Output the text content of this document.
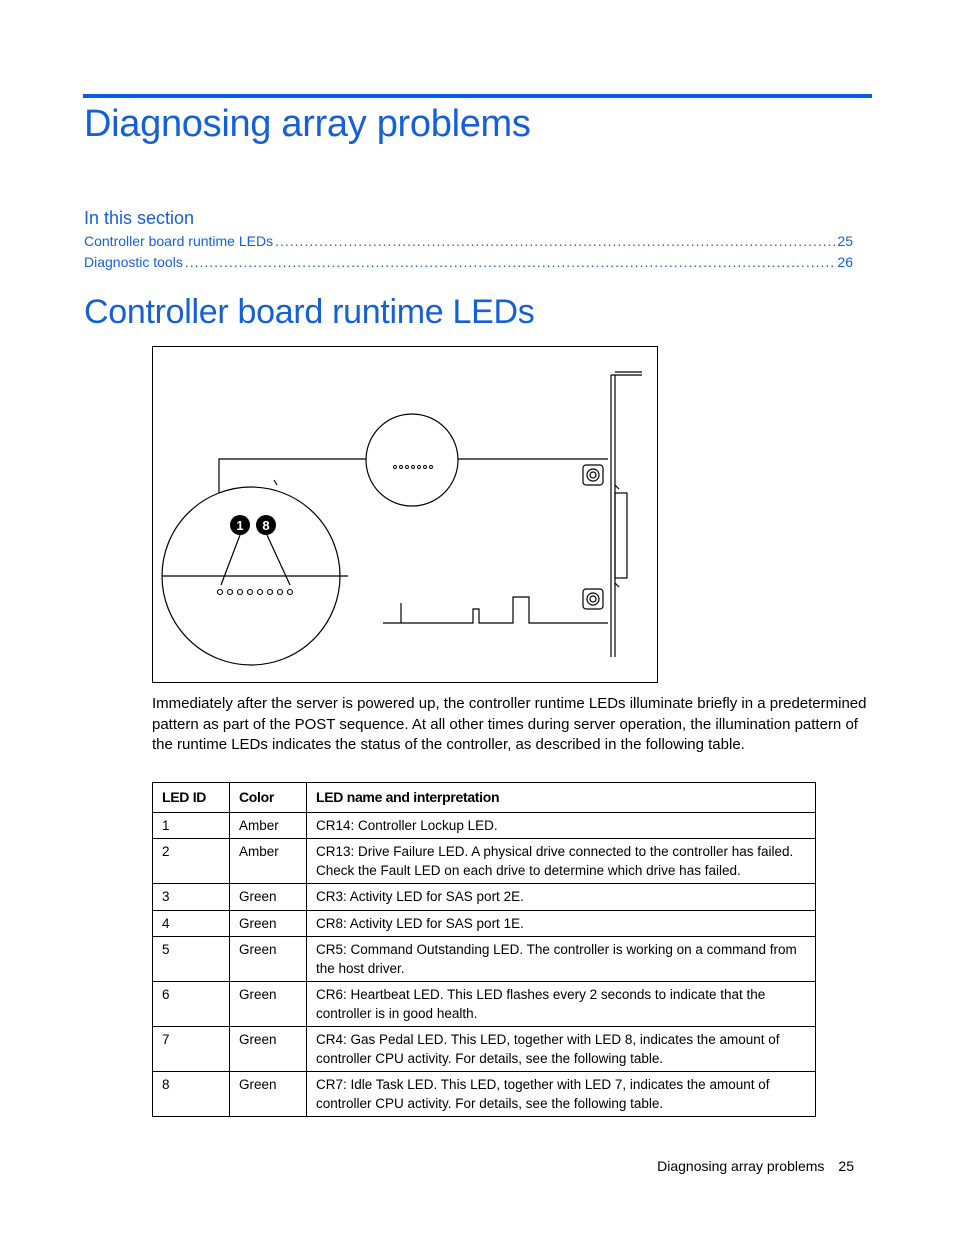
Diagnosing array problems
In this section
Controller board runtime LEDs .....	25
Diagnostic tools .....	26
Controller board runtime LEDs
1 8

Immediately after the server is powered up, the controller runtime LEDs illuminate briefly in a predetermined pattern as part of the POST sequence. At all other times during server operation, the illumination pattern of the runtime LEDs indicates the status of the controller, as described in the following table.

LED ID	Color	LED name and interpretation
1	Amber	CR14: Controller Lockup LED.
2	Amber	CR13: Drive Failure LED. A physical drive connected to the controller has failed. Check the Fault LED on each drive to determine which drive has failed.
3	Green	CR3: Activity LED for SAS port 2E.
4	Green	CR8: Activity LED for SAS port 1E.
5	Green	CR5: Command Outstanding LED. The controller is working on a command from the host driver.
6	Green	CR6: Heartbeat LED. This LED flashes every 2 seconds to indicate that the controller is in good health.
7	Green	CR4: Gas Pedal LED. This LED, together with LED 8, indicates the amount of controller CPU activity. For details, see the following table.
8	Green	CR7: Idle Task LED. This LED, together with LED 7, indicates the amount of controller CPU activity. For details, see the following table.
Diagnosing array problems 25
